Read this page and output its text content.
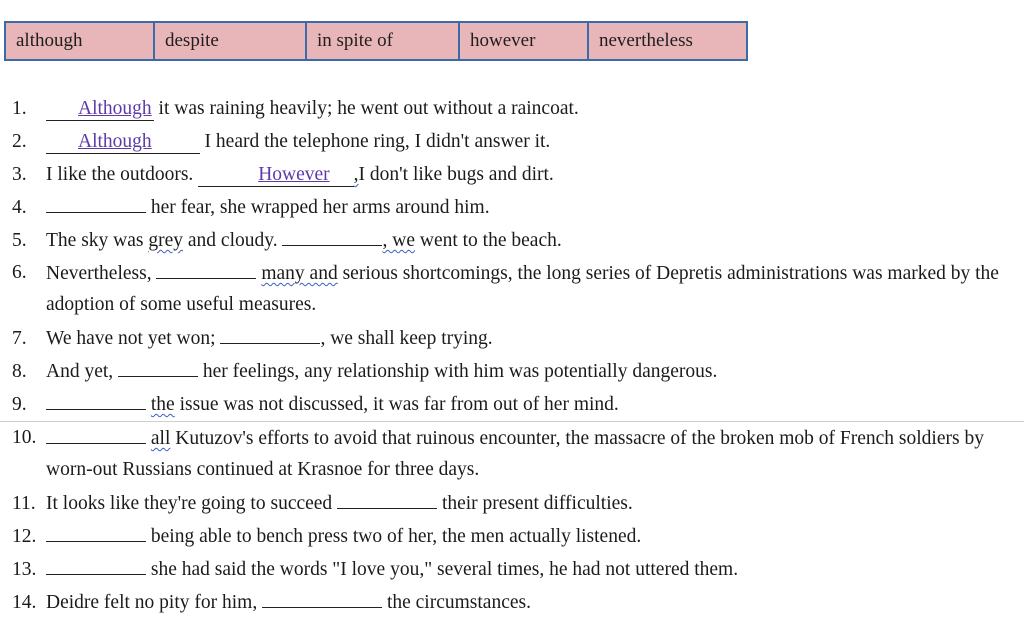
although	despite	in spite of	however	nevertheless
1.	Although it was raining heavily; he went out without a raincoat.
2.	Although I heard the telephone ring, I didn't answer it.
3. I like the outdoors.	However ,I don't like bugs and dirt.
4.	her fear, she wrapped her arms around him.
5. The sky was grey and cloudy.	, we went to the beach.
6. Nevertheless,	many and serious shortcomings, the long series of Depretis administrations was marked by the adoption of some useful measures.
7. We have not yet won;	, we shall keep trying.
8. And yet,	her feelings, any relationship with him was potentially dangerous.
9.	the issue was not discussed, it was far from out of her mind.
10.	all Kutuzov's efforts to avoid that ruinous encounter, the massacre of the broken mob of French soldiers by worn-out Russians continued at Krasnoe for three days.
11. It looks like they're going to succeed	their present difficulties.
12.	being able to bench press two of her, the men actually listened.
13.	she had said the words "I love you," several times, he had not uttered them.
14. Deidre felt no pity for him,	the circumstances.
